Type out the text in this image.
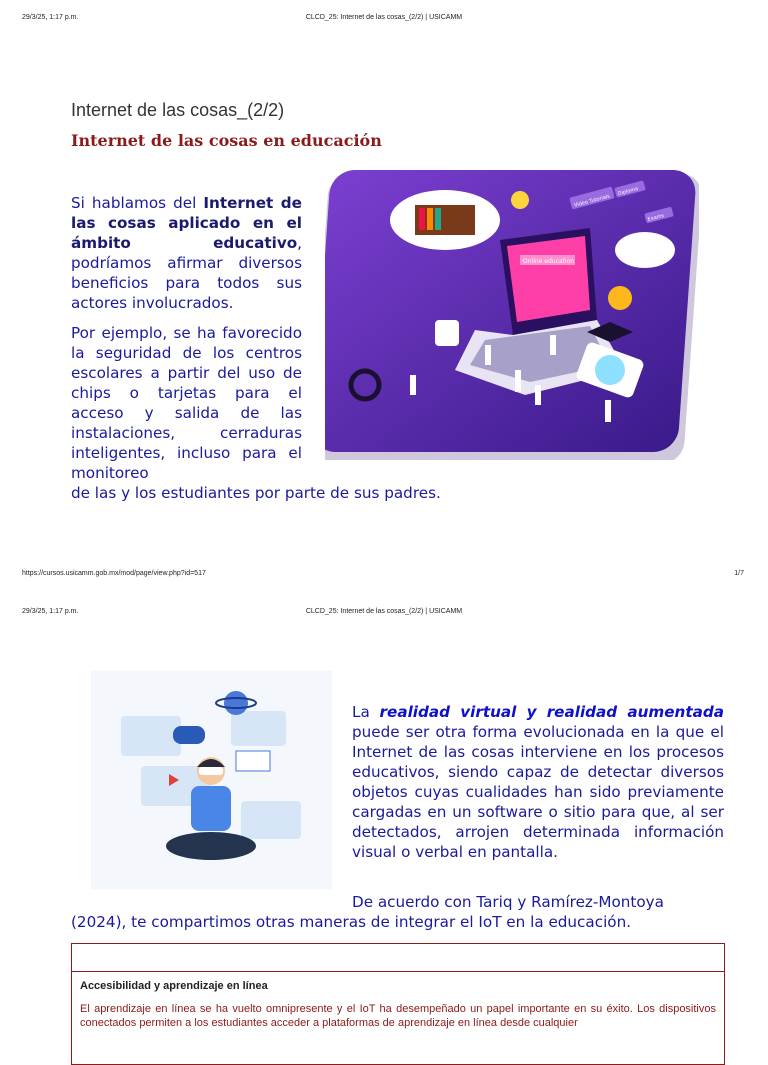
29/3/25, 1:17 p.m.	CLCD_25: Internet de las cosas_(2/2) | USICAMM
Internet de las cosas_(2/2)
Internet de las cosas en educación
Si hablamos del Internet de las cosas aplicado en el ámbito educativo, podríamos afirmar diversos beneficios para todos sus actores involucrados.
Por ejemplo, se ha favorecido la seguridad de los centros escolares a partir del uso de chips o tarjetas para el acceso y salida de las instalaciones, cerraduras inteligentes, incluso para el monitoreo
de las y los estudiantes por parte de sus padres.
Online education
Video Tutorials
Diploma
Exams
https://cursos.usicamm.gob.mx/mod/page/view.php?id=517	1/7
29/3/25, 1:17 p.m.	CLCD_25: Internet de las cosas_(2/2) | USICAMM
La realidad virtual y realidad aumentada puede ser otra forma evolucionada en la que el Internet de las cosas interviene en los procesos educativos, siendo capaz de detectar diversos objetos cuyas cualidades han sido previamente cargadas en un software o sitio para que, al ser detectados, arrojen determinada información visual o verbal en pantalla.
De acuerdo con Tariq y Ramírez-Montoya
(2024), te compartimos otras maneras de integrar el IoT en la educación.
Accesibilidad y aprendizaje en línea
El aprendizaje en línea se ha vuelto omnipresente y el IoT ha desempeñado un papel importante en su éxito. Los dispositivos conectados permiten a los estudiantes acceder a plataformas de aprendizaje en línea desde cualquier
